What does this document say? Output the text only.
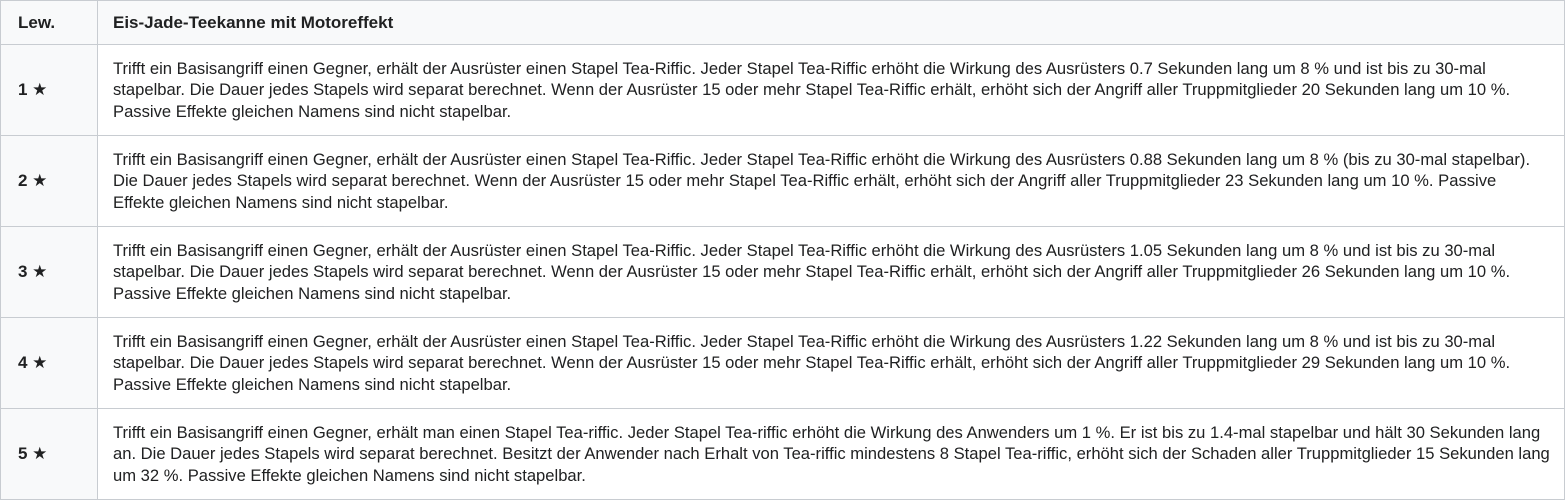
Lew.	Eis-Jade-Teekanne mit Motoreffekt
1 ★	Trifft ein Basisangriff einen Gegner, erhält der Ausrüster einen Stapel Tea-Riffic. Jeder Stapel Tea-Riffic erhöht die Wirkung des Ausrüsters 0.7 Sekunden lang um 8 % und ist bis zu 30-mal stapelbar. Die Dauer jedes Stapels wird separat berechnet. Wenn der Ausrüster 15 oder mehr Stapel Tea-Riffic erhält, erhöht sich der Angriff aller Truppmitglieder 20 Sekunden lang um 10 %. Passive Effekte gleichen Namens sind nicht stapelbar.
2 ★	Trifft ein Basisangriff einen Gegner, erhält der Ausrüster einen Stapel Tea-Riffic. Jeder Stapel Tea-Riffic erhöht die Wirkung des Ausrüsters 0.88 Sekunden lang um 8 % (bis zu 30-mal stapelbar). Die Dauer jedes Stapels wird separat berechnet. Wenn der Ausrüster 15 oder mehr Stapel Tea-Riffic erhält, erhöht sich der Angriff aller Truppmitglieder 23 Sekunden lang um 10 %. Passive Effekte gleichen Namens sind nicht stapelbar.
3 ★	Trifft ein Basisangriff einen Gegner, erhält der Ausrüster einen Stapel Tea-Riffic. Jeder Stapel Tea-Riffic erhöht die Wirkung des Ausrüsters 1.05 Sekunden lang um 8 % und ist bis zu 30-mal stapelbar. Die Dauer jedes Stapels wird separat berechnet. Wenn der Ausrüster 15 oder mehr Stapel Tea-Riffic erhält, erhöht sich der Angriff aller Truppmitglieder 26 Sekunden lang um 10 %. Passive Effekte gleichen Namens sind nicht stapelbar.
4 ★	Trifft ein Basisangriff einen Gegner, erhält der Ausrüster einen Stapel Tea-Riffic. Jeder Stapel Tea-Riffic erhöht die Wirkung des Ausrüsters 1.22 Sekunden lang um 8 % und ist bis zu 30-mal stapelbar. Die Dauer jedes Stapels wird separat berechnet. Wenn der Ausrüster 15 oder mehr Stapel Tea-Riffic erhält, erhöht sich der Angriff aller Truppmitglieder 29 Sekunden lang um 10 %. Passive Effekte gleichen Namens sind nicht stapelbar.
5 ★	Trifft ein Basisangriff einen Gegner, erhält man einen Stapel Tea-riffic. Jeder Stapel Tea-riffic erhöht die Wirkung des Anwenders um 1 %. Er ist bis zu 1.4-mal stapelbar und hält 30 Sekunden lang an. Die Dauer jedes Stapels wird separat berechnet. Besitzt der Anwender nach Erhalt von Tea-riffic mindestens 8 Stapel Tea-riffic, erhöht sich der Schaden aller Truppmitglieder 15 Sekunden lang um 32 %. Passive Effekte gleichen Namens sind nicht stapelbar.
